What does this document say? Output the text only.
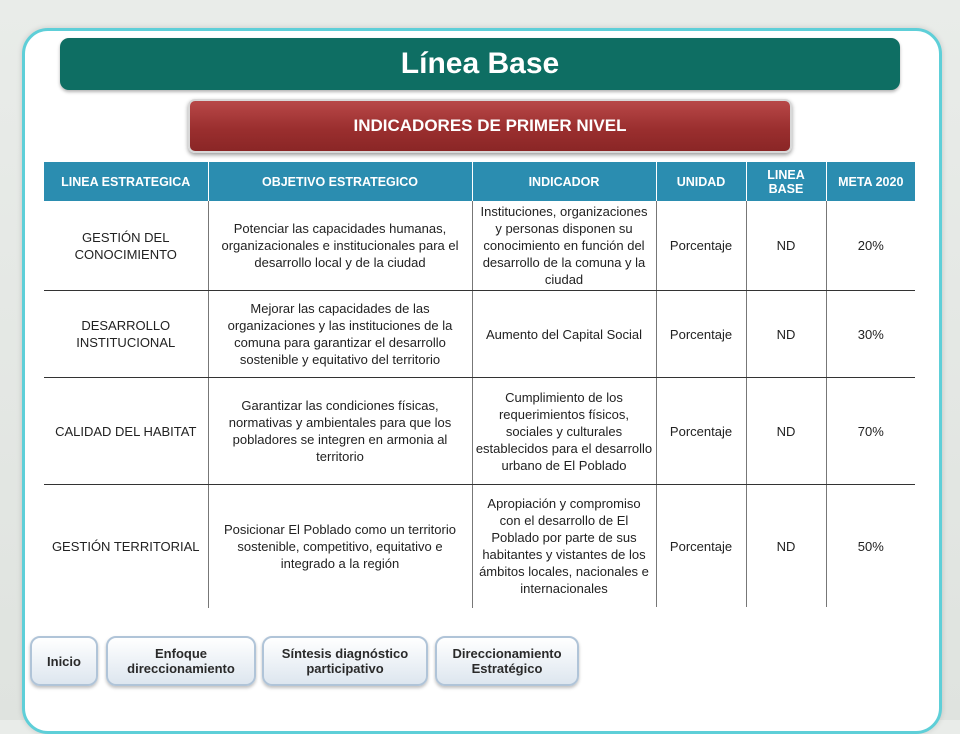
Línea Base
INDICADORES DE PRIMER NIVEL
LINEA ESTRATEGICA	OBJETIVO ESTRATEGICO	INDICADOR	UNIDAD	LINEA BASE	META 2020
GESTIÓN DEL CONOCIMIENTO	Potenciar las capacidades humanas, organizacionales e institucionales para el desarrollo local y de la ciudad	Instituciones, organizaciones y personas disponen su conocimiento en función del desarrollo de la comuna y la ciudad	Porcentaje	ND	20%
DESARROLLO INSTITUCIONAL	Mejorar las capacidades de las organizaciones y las instituciones de la comuna para garantizar el desarrollo sostenible y equitativo del territorio	Aumento del Capital Social	Porcentaje	ND	30%
CALIDAD DEL HABITAT	Garantizar las condiciones físicas, normativas y ambientales para que los pobladores se integren en armonia al territorio	Cumplimiento de los requerimientos físicos, sociales y culturales establecidos para el desarrollo urbano de El Poblado	Porcentaje	ND	70%
GESTIÓN TERRITORIAL	Posicionar El Poblado como un territorio sostenible, competitivo, equitativo e integrado a la región	Apropiación y compromiso con el desarrollo de El Poblado por parte de sus habitantes y vistantes de los ámbitos locales, nacionales e internacionales	Porcentaje	ND	50%
Inicio	Enfoque direccionamiento
Síntesis diagnóstico participativo
Direccionamiento Estratégico
